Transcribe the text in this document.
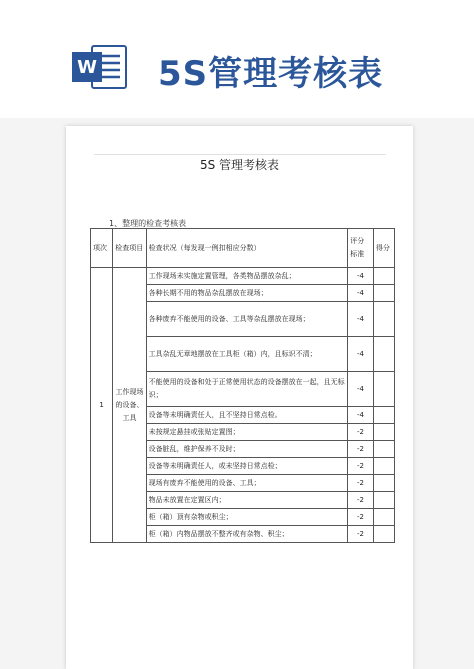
W 5S管理考核表
5S 管理考核表
1、整理的检查考核表
项次	检查项目	检查状况（每发现一例扣相应分数）	评分标准	得分
1	工作现场的设备、工具	工作现场未实施定置管理，各类物品摆放杂乱；	-4	
		各种长期不用的物品杂乱摆放在现场；	-4	
		各种废弃不能使用的设备、工具等杂乱摆放在现场；	-4	
		工具杂乱无章地摆放在工具柜（箱）内，且标识不清；	-4	
		不能使用的设备和处于正常使用状态的设备摆放在一起，且无标识；	-4	
		设备等未明确责任人，且不坚持日常点检。	-4	
		未按规定悬挂或张贴定置图；	-2	
		设备脏乱，维护保养不及时；	-2	
		设备等未明确责任人，或未坚持日常点检；	-2	
		现场有废弃不能使用的设备、工具；	-2	
		物品未放置在定置区内；	-2	
		柜（箱）顶有杂物或积尘；	-2	
		柜（箱）内物品摆放不整齐或有杂物、积尘；	-2	
